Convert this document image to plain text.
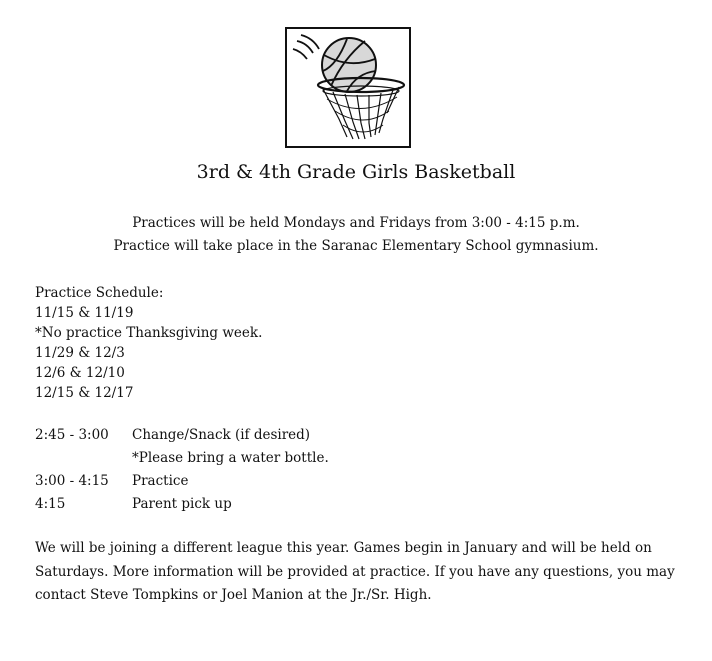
3rd & 4th Grade Girls Basketball
Practices will be held Mondays and Fridays from 3:00 - 4:15 p.m.
Practice will take place in the Saranac Elementary School gymnasium.
Practice Schedule:
11/15 & 11/19
*No practice Thanksgiving week.
11/29 & 12/3
12/6 & 12/10
12/15 & 12/17
2:45 - 3:00	Change/Snack (if desired)
*Please bring a water bottle.
3:00 - 4:15	Practice
4:15	Parent pick up
We will be joining a different league this year. Games begin in January and will be held on
Saturdays. More information will be provided at practice. If you have any questions, you may
contact Steve Tompkins or Joel Manion at the Jr./Sr. High.
